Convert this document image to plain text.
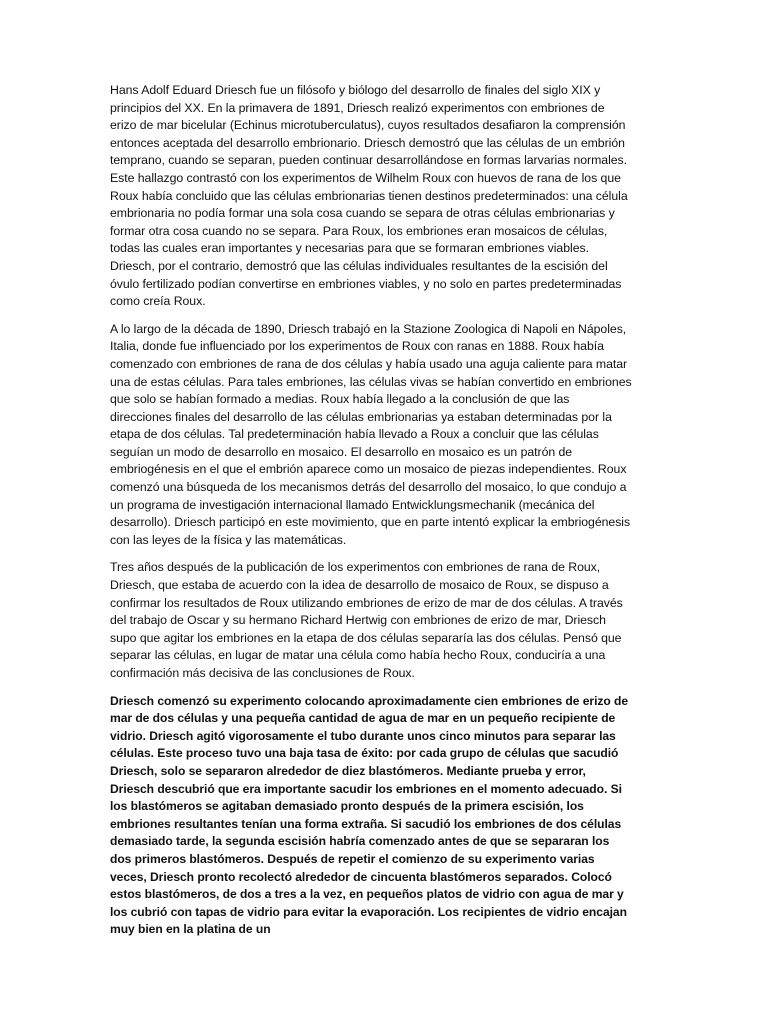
Hans Adolf Eduard Driesch fue un filósofo y biólogo del desarrollo de finales del siglo XIX y principios del XX. En la primavera de 1891, Driesch realizó experimentos con embriones de erizo de mar bicelular (Echinus microtuberculatus), cuyos resultados desafiaron la comprensión entonces aceptada del desarrollo embrionario. Driesch demostró que las células de un embrión temprano, cuando se separan, pueden continuar desarrollándose en formas larvarias normales. Este hallazgo contrastó con los experimentos de Wilhelm Roux con huevos de rana de los que Roux había concluido que las células embrionarias tienen destinos predeterminados: una célula embrionaria no podía formar una sola cosa cuando se separa de otras células embrionarias y formar otra cosa cuando no se separa. Para Roux, los embriones eran mosaicos de células, todas las cuales eran importantes y necesarias para que se formaran embriones viables. Driesch, por el contrario, demostró que las células individuales resultantes de la escisión del óvulo fertilizado podían convertirse en embriones viables, y no solo en partes predeterminadas como creía Roux.

A lo largo de la década de 1890, Driesch trabajó en la Stazione Zoologica di Napoli en Nápoles, Italia, donde fue influenciado por los experimentos de Roux con ranas en 1888. Roux había comenzado con embriones de rana de dos células y había usado una aguja caliente para matar una de estas células. Para tales embriones, las células vivas se habían convertido en embriones que solo se habían formado a medias. Roux había llegado a la conclusión de que las direcciones finales del desarrollo de las células embrionarias ya estaban determinadas por la etapa de dos células. Tal predeterminación había llevado a Roux a concluir que las células seguían un modo de desarrollo en mosaico. El desarrollo en mosaico es un patrón de embriogénesis en el que el embrión aparece como un mosaico de piezas independientes. Roux comenzó una búsqueda de los mecanismos detrás del desarrollo del mosaico, lo que condujo a un programa de investigación internacional llamado Entwicklungsmechanik (mecánica del desarrollo). Driesch participó en este movimiento, que en parte intentó explicar la embriogénesis con las leyes de la física y las matemáticas.

Tres años después de la publicación de los experimentos con embriones de rana de Roux, Driesch, que estaba de acuerdo con la idea de desarrollo de mosaico de Roux, se dispuso a confirmar los resultados de Roux utilizando embriones de erizo de mar de dos células. A través del trabajo de Oscar y su hermano Richard Hertwig con embriones de erizo de mar, Driesch supo que agitar los embriones en la etapa de dos células separaría las dos células. Pensó que separar las células, en lugar de matar una célula como había hecho Roux, conduciría a una confirmación más decisiva de las conclusiones de Roux.

Driesch comenzó su experimento colocando aproximadamente cien embriones de erizo de mar de dos células y una pequeña cantidad de agua de mar en un pequeño recipiente de vidrio. Driesch agitó vigorosamente el tubo durante unos cinco minutos para separar las células. Este proceso tuvo una baja tasa de éxito: por cada grupo de células que sacudió Driesch, solo se separaron alrededor de diez blastómeros. Mediante prueba y error, Driesch descubrió que era importante sacudir los embriones en el momento adecuado. Si los blastómeros se agitaban demasiado pronto después de la primera escisión, los embriones resultantes tenían una forma extraña. Si sacudió los embriones de dos células demasiado tarde, la segunda escisión habría comenzado antes de que se separaran los dos primeros blastómeros. Después de repetir el comienzo de su experimento varias veces, Driesch pronto recolectó alrededor de cincuenta blastómeros separados. Colocó estos blastómeros, de dos a tres a la vez, en pequeños platos de vidrio con agua de mar y los cubrió con tapas de vidrio para evitar la evaporación. Los recipientes de vidrio encajan muy bien en la platina de un
